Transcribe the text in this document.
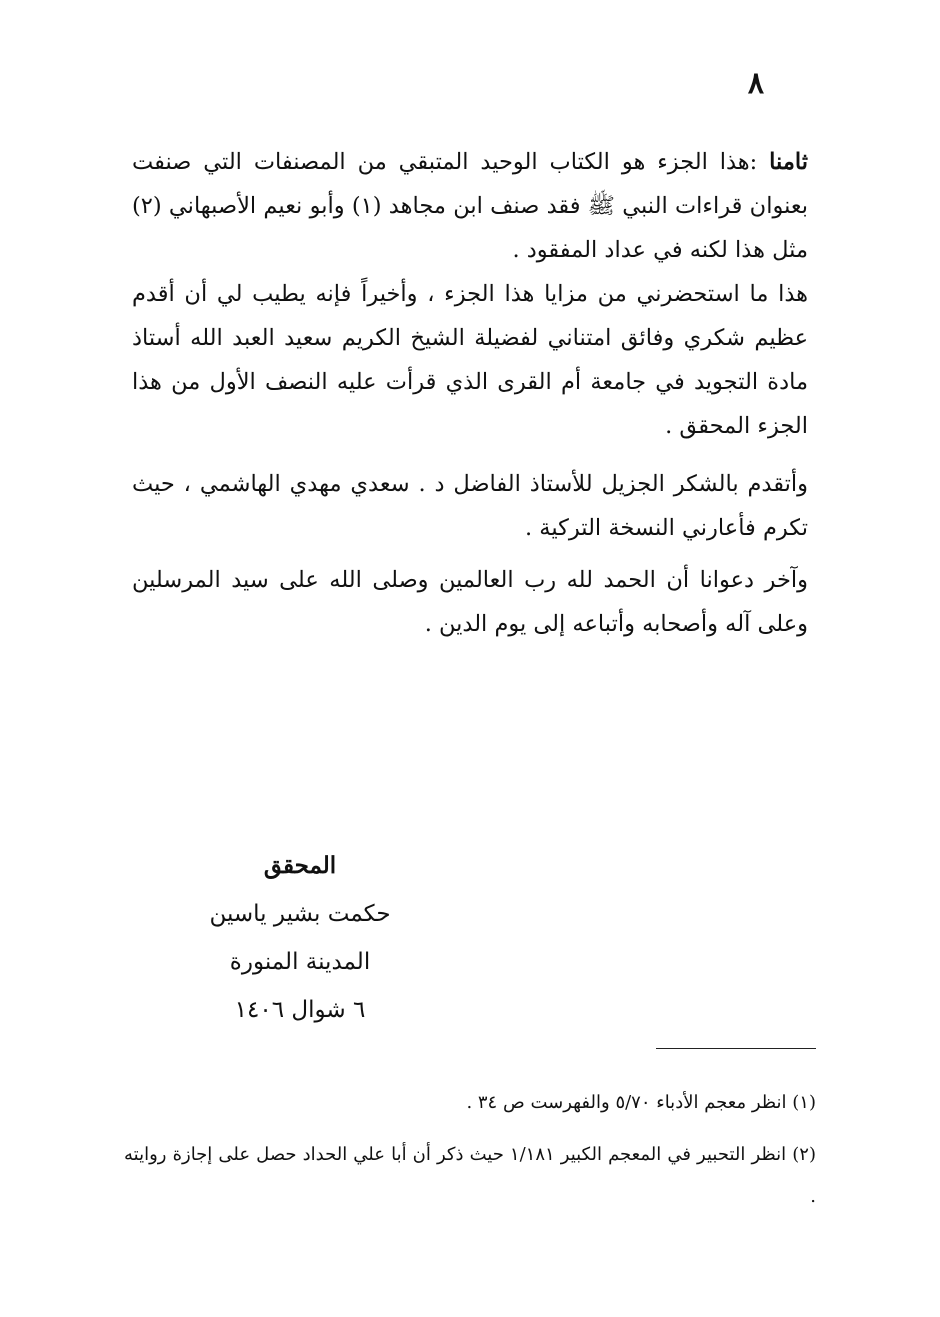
٨

ثامنا :هذا الجزء هو الكتاب الوحيد المتبقي من المصنفات التي صنفت بعنوان قراءات النبي ﷺ فقد صنف ابن مجاهد (١) وأبو نعيم الأصبهاني (٢) مثل هذا لكنه في عداد المفقود .

هذا ما استحضرني من مزايا هذا الجزء ، وأخيراً فإنه يطيب لي أن أقدم عظيم شكري وفائق امتناني لفضيلة الشيخ الكريم سعيد العبد الله أستاذ مادة التجويد في جامعة أم القرى الذي قرأت عليه النصف الأول من هذا الجزء المحقق .

وأتقدم بالشكر الجزيل للأستاذ الفاضل د . سعدي مهدي الهاشمي ، حيث تكرم فأعارني النسخة التركية .

وآخر دعوانا أن الحمد لله رب العالمين وصلى الله على سيد المرسلين وعلى آله وأصحابه وأتباعه إلى يوم الدين .

المحقق
حكمت بشير ياسين
المدينة المنورة
٦ شوال ١٤٠٦

(١) انظر معجم الأدباء ٥/٧٠ والفهرست ص ٣٤ .

(٢) انظر التحبير في المعجم الكبير ١/١٨١ حيث ذكر أن أبا علي الحداد حصل على إجازة روايته .
